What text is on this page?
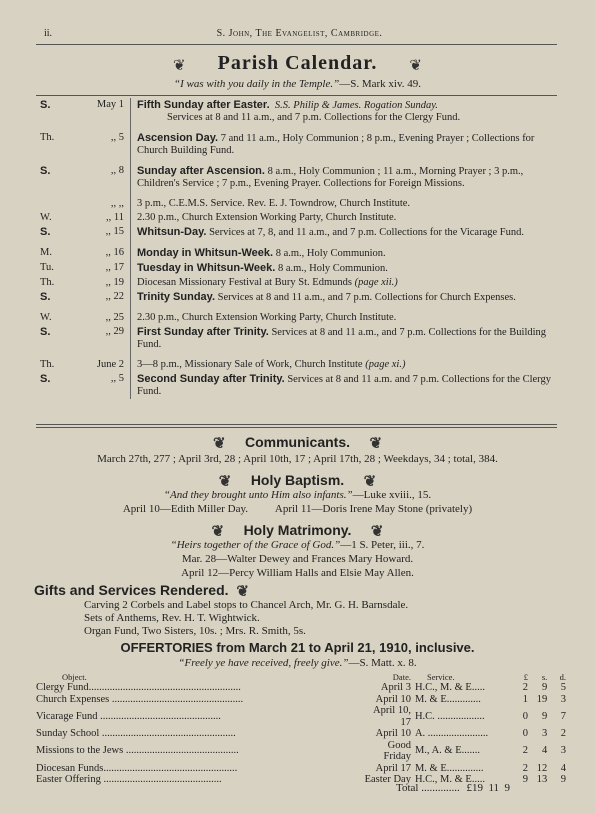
ii.	S. John, The Evangelist, Cambridge.
❦ Parish Calendar. ❦
“I was with you daily in the Temple.”—S. Mark xiv. 49.
S.	May 1	Fifth Sunday after Easter. S.S. Philip & James. Rogation Sunday.
Services at 8 and 11 a.m., and 7 p.m. Collections for the Clergy Fund.

Th.	,, 5	Ascension Day. 7 and 11 a.m., Holy Communion ; 8 p.m., Evening Prayer ; Collections for Church Building Fund.

S.	,, 8	Sunday after Ascension. 8 a.m., Holy Communion ; 11 a.m., Morning Prayer ; 3 p.m., Children's Service ; 7 p.m., Evening Prayer. Collections for Foreign Missions.

	,, ,,	3 p.m., C.E.M.S. Service. Rev. E. J. Towndrow, Church Institute.
W.	,, 11	2.30 p.m., Church Extension Working Party, Church Institute.
S.	,, 15	Whitsun-Day. Services at 7, 8, and 11 a.m., and 7 p.m. Collections for the Vicarage Fund.

M.	,, 16	Monday in Whitsun-Week. 8 a.m., Holy Communion.
Tu.	,, 17	Tuesday in Whitsun-Week. 8 a.m., Holy Communion.
Th.	,, 19	Diocesan Missionary Festival at Bury St. Edmunds (page xii.)
S.	,, 22	Trinity Sunday. Services at 8 and 11 a.m., and 7 p.m. Collections for Church Expenses.

W.	,, 25	2.30 p.m., Church Extension Working Party, Church Institute.
S.	,, 29	First Sunday after Trinity. Services at 8 and 11 a.m., and 7 p.m. Collections for the Building Fund.

Th.	June 2	3—8 p.m., Missionary Sale of Work, Church Institute (page xi.)
S.	,, 5	Second Sunday after Trinity. Services at 8 and 11 a.m. and 7 p.m. Collections for the Clergy Fund.
❦ Communicants. ❦
March 27th, 277 ; April 3rd, 28 ; April 10th, 17 ; April 17th, 28 ; Weekdays, 34 ; total, 384.
❦ Holy Baptism. ❦
“And they brought unto Him also infants.”—Luke xviii., 15.
April 10—Edith Miller Day.          April 11—Doris Irene May Stone (privately)
❦ Holy Matrimony. ❦
“Heirs together of the Grace of God.”—1 S. Peter, iii., 7.
Mar. 28—Walter Dewey and Frances Mary Howard.
April 12—Percy William Halls and Elsie May Allen.
Gifts and Services Rendered. ❦
Carving 2 Corbels and Label stops to Chancel Arch, Mr. G. H. Barnsdale.
Sets of Anthems, Rev. H. T. Wightwick.
Organ Fund, Two Sisters, 10s. ; Mrs. R. Smith, 5s.
OFFERTORIES from March 21 to April 21, 1910, inclusive.
“Freely ye have received, freely give.”—S. Matt. x. 8.
Object.	Date.	Service.	£	s.	d.
Clergy Fund..........................................................	April 3	H.C., M. & E.....	2	9	5
Church Expenses ..................................................	April 10	M. & E.............	1	19	3
Vicarage Fund ..............................................	April 10, 17	H.C. ..................	0	9	7
Sunday School ...................................................	April 10	A. .......................	0	3	2
Missions to the Jews ...........................................	Good Friday	M., A. & E.......	2	4	3
Diocesan Funds...................................................	April 17	M. & E..............	2	12	4
Easter Offering .............................................	Easter Day	H.C., M. & E.....	9	13	9
Total .............. £19  11  9
